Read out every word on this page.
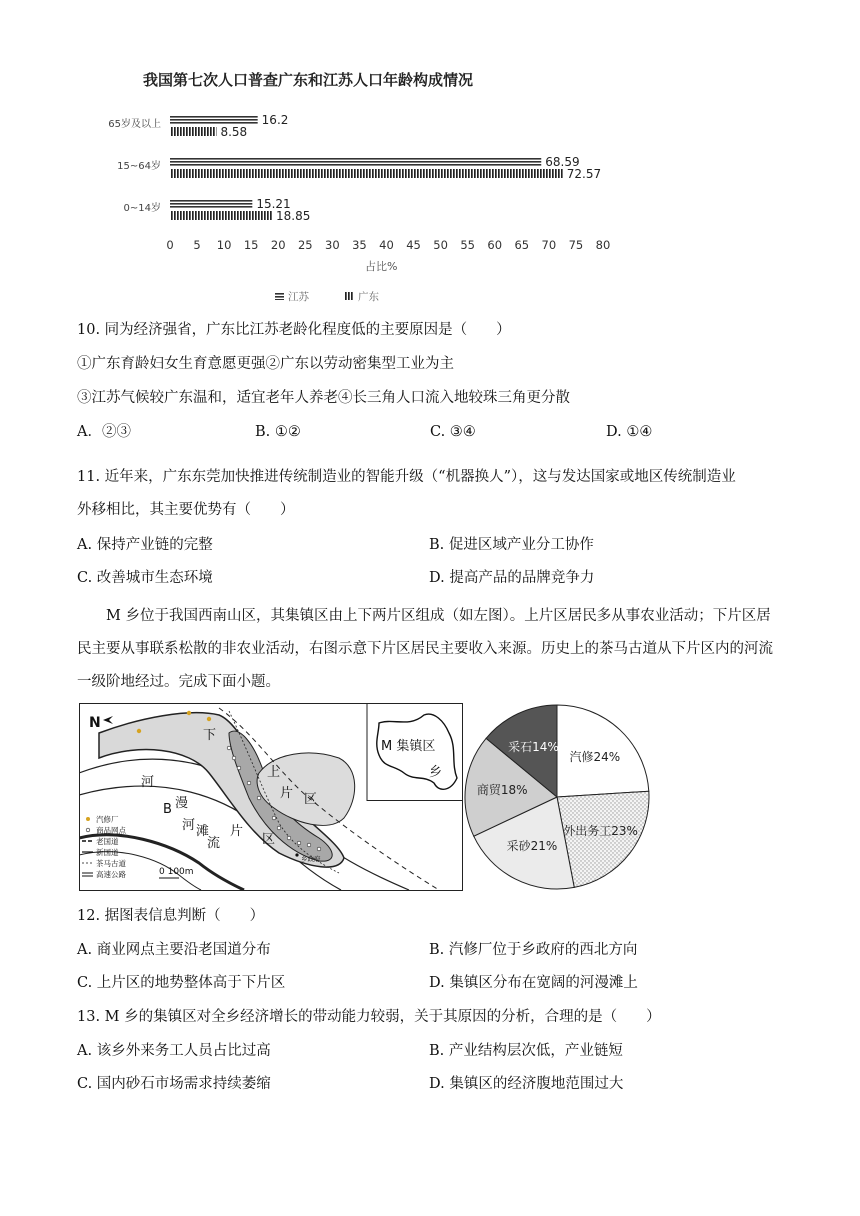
我国第七次人口普查广东和江苏人口年龄构成情况
16.2
68.59
15.21
8.58
72.57
18.85
65岁及以上
15~64岁
0~14岁
0 5 10 15 20 25 30 35 40 45 50 55 60 65 70 75 80
占比%
江苏	广东
10. 同为经济强省，广东比江苏老龄化程度低的主要原因是（　　）
①广东育龄妇女生育意愿更强②广东以劳动密集型工业为主
③江苏气候较广东温和，适宜老年人养老④长三角人口流入地较珠三角更分散
A．②③	B. ①②	C. ③④	D. ①④
11. 近年来，广东东莞加快推进传统制造业的智能升级（“机器换人”），这与发达国家或地区传统制造业
外移相比，其主要优势有（　　）
A. 保持产业链的完整	B. 促进区域产业分工协作
C. 改善城市生态环境	D. 提高产品的品牌竞争力
M 乡位于我国西南山区，其集镇区由上下两片区组成（如左图）。上片区居民多从事农业活动；下片区居民主要从事联系松散的非农业活动，右图示意下片区居民主要收入来源。历史上的茶马古道从下片区内的河流一级阶地经过。完成下面小题。
N
河
漫
滩
下
片
区
上
片 区
B
河
流
乡政府
汽修厂
商品网点
老国道
新国道
茶马古道
高速公路	0 100m
M 集镇区
乡
汽修24%
外出务工23%
采砂21%
商贸18%
采石14%
12. 据图表信息判断（　　）
A. 商业网点主要沿老国道分布	B. 汽修厂位于乡政府的西北方向
C. 上片区的地势整体高于下片区	D. 集镇区分布在宽阔的河漫滩上
13. M 乡的集镇区对全乡经济增长的带动能力较弱，关于其原因的分析，合理的是（　　）
A. 该乡外来务工人员占比过高	B. 产业结构层次低，产业链短
C. 国内砂石市场需求持续萎缩	D. 集镇区的经济腹地范围过大
